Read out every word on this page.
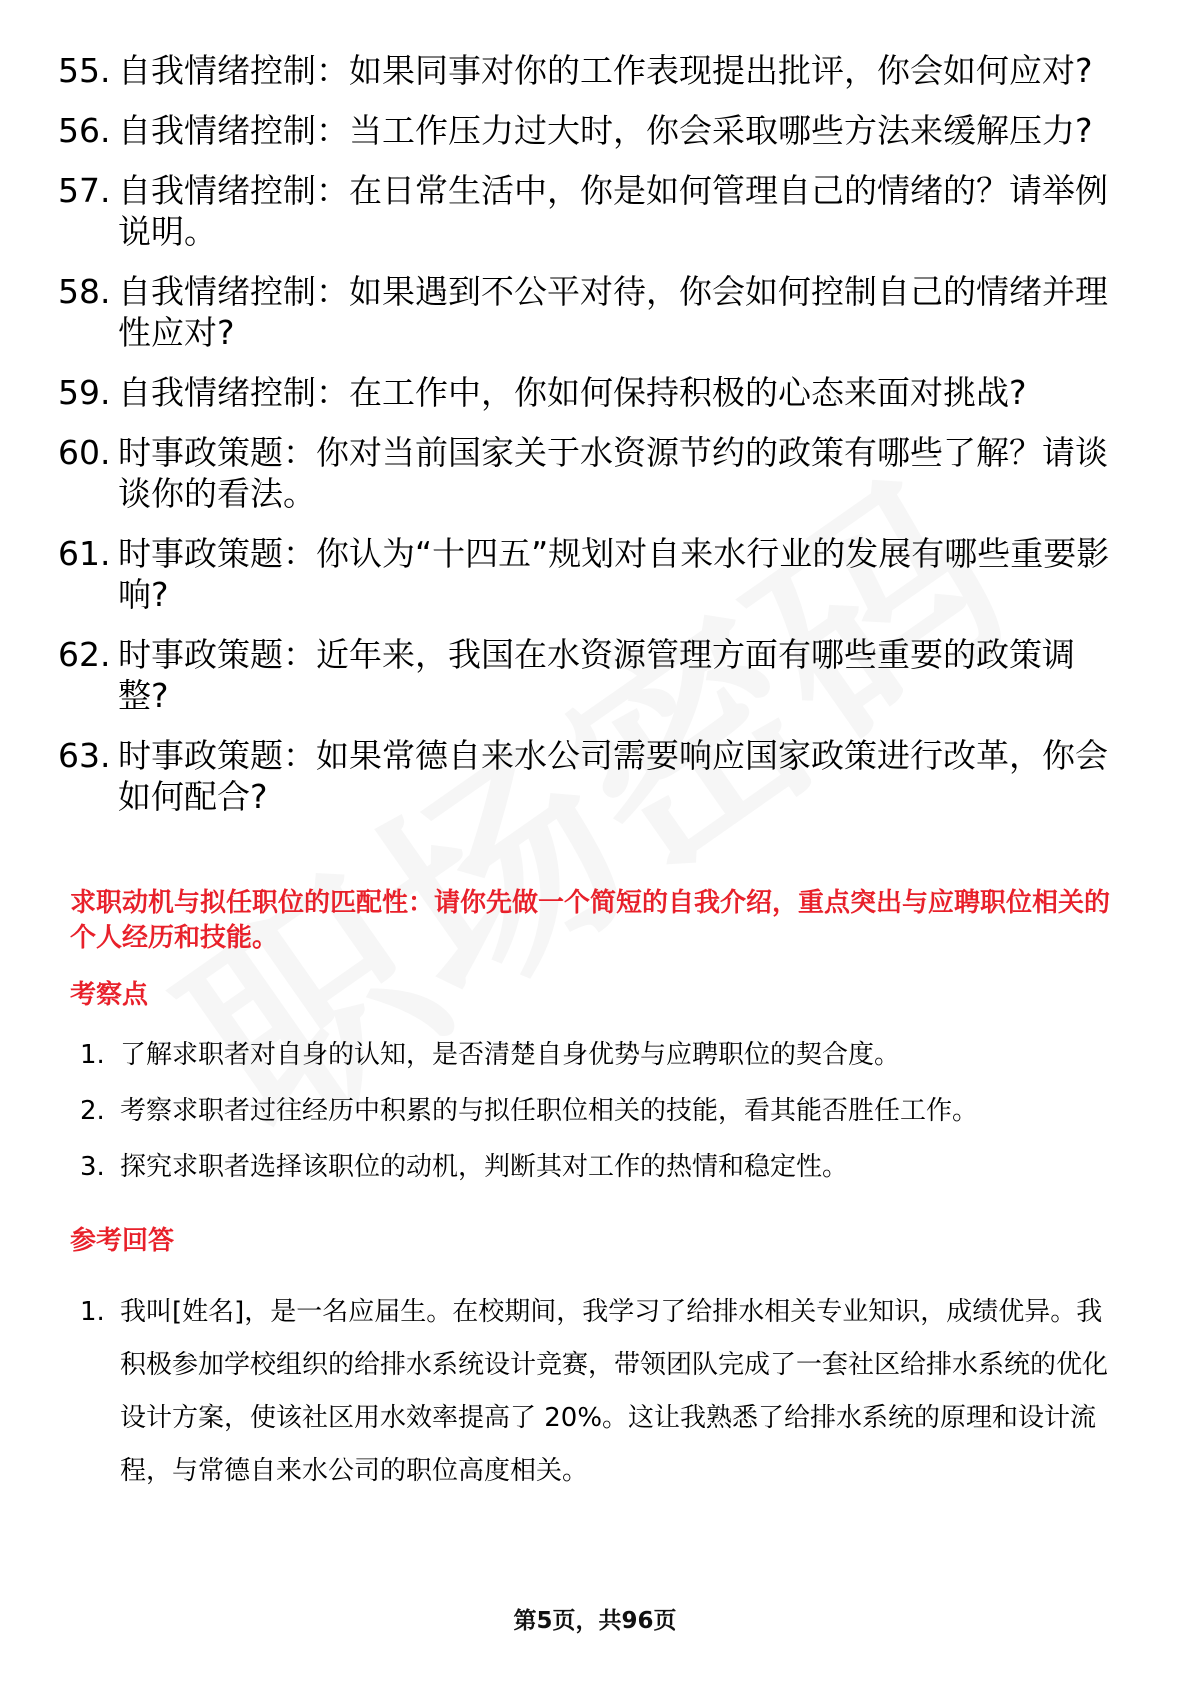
55. 自我情绪控制：如果同事对你的工作表现提出批评，你会如何应对?
56. 自我情绪控制：当工作压力过大时，你会采取哪些方法来缓解压力?
57. 自我情绪控制：在日常生活中，你是如何管理自己的情绪的？请举例说明。
58. 自我情绪控制：如果遇到不公平对待，你会如何控制自己的情绪并理性应对?
59. 自我情绪控制：在工作中，你如何保持积极的心态来面对挑战?
60. 时事政策题：你对当前国家关于水资源节约的政策有哪些了解？请谈谈你的看法。
61. 时事政策题：你认为“十四五”规划对自来水行业的发展有哪些重要影响?
62. 时事政策题：近年来，我国在水资源管理方面有哪些重要的政策调整?
63. 时事政策题：如果常德自来水公司需要响应国家政策进行改革，你会如何配合?
求职动机与拟任职位的匹配性：请你先做一个简短的自我介绍，重点突出与应聘职位相关的个人经历和技能。
考察点
1. 了解求职者对自身的认知，是否清楚自身优势与应聘职位的契合度。
2. 考察求职者过往经历中积累的与拟任职位相关的技能，看其能否胜任工作。
3. 探究求职者选择该职位的动机，判断其对工作的热情和稳定性。
参考回答
1. 我叫[姓名]，是一名应届生。在校期间，我学习了给排水相关专业知识，成绩优异。我积极参加学校组织的给排水系统设计竞赛，带领团队完成了一套社区给排水系统的优化设计方案，使该社区用水效率提高了 20%。这让我熟悉了给排水系统的原理和设计流程，与常德自来水公司的职位高度相关。
第5页，共96页
